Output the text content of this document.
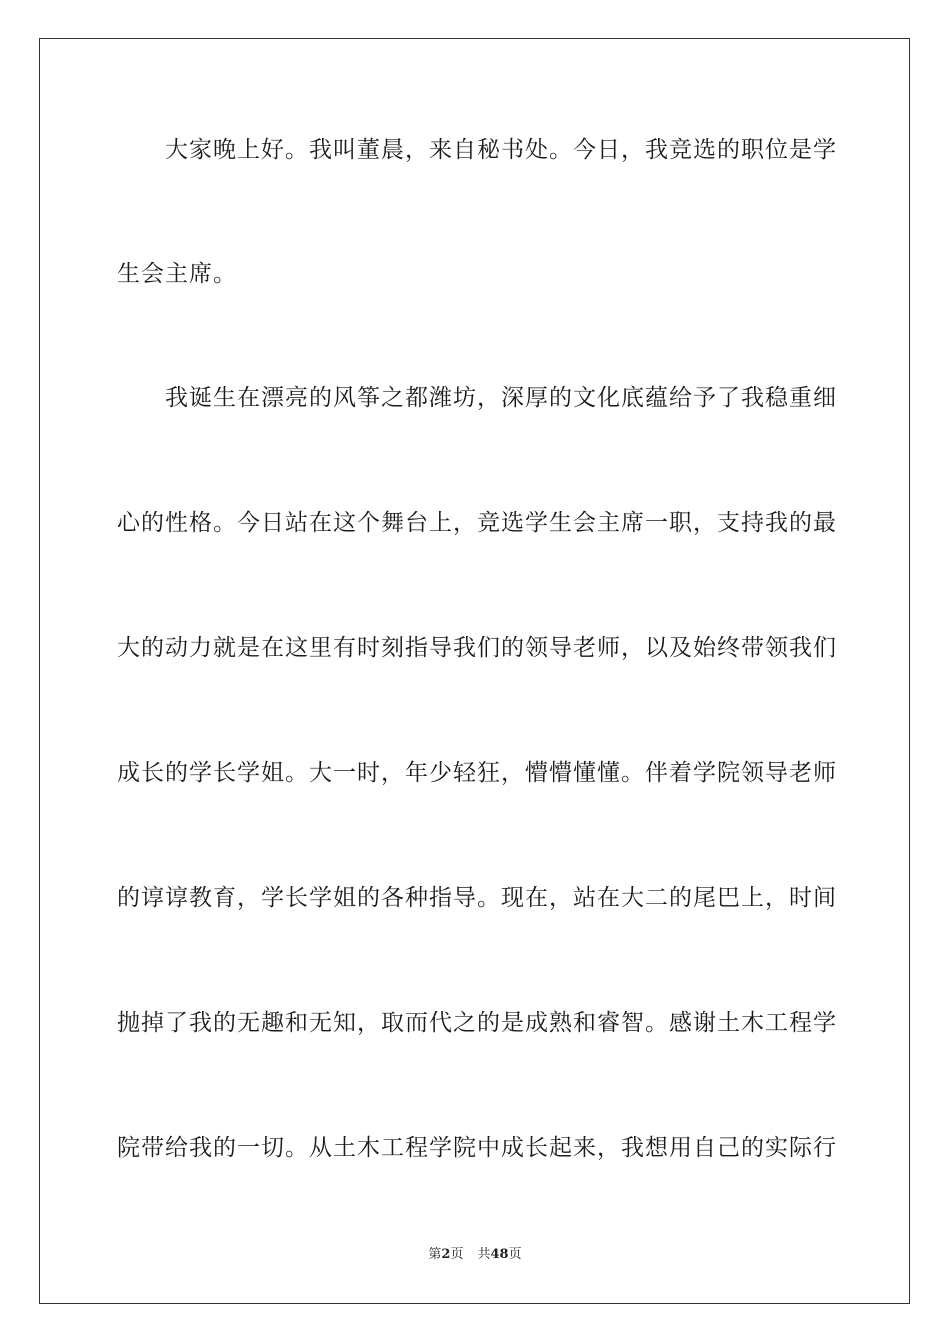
　　大家晚上好。我叫董晨，来自秘书处。今日，我竞选的职位是学
生会主席。
　　我诞生在漂亮的风筝之都潍坊，深厚的文化底蕴给予了我稳重细
心的性格。今日站在这个舞台上，竞选学生会主席一职，支持我的最
大的动力就是在这里有时刻指导我们的领导老师，以及始终带领我们
成长的学长学姐。大一时，年少轻狂，懵懵懂懂。伴着学院领导老师
的谆谆教育，学长学姐的各种指导。现在，站在大二的尾巴上，时间
抛掉了我的无趣和无知，取而代之的是成熟和睿智。感谢土木工程学
院带给我的一切。从土木工程学院中成长起来，我想用自己的实际行
第2页 共48页
